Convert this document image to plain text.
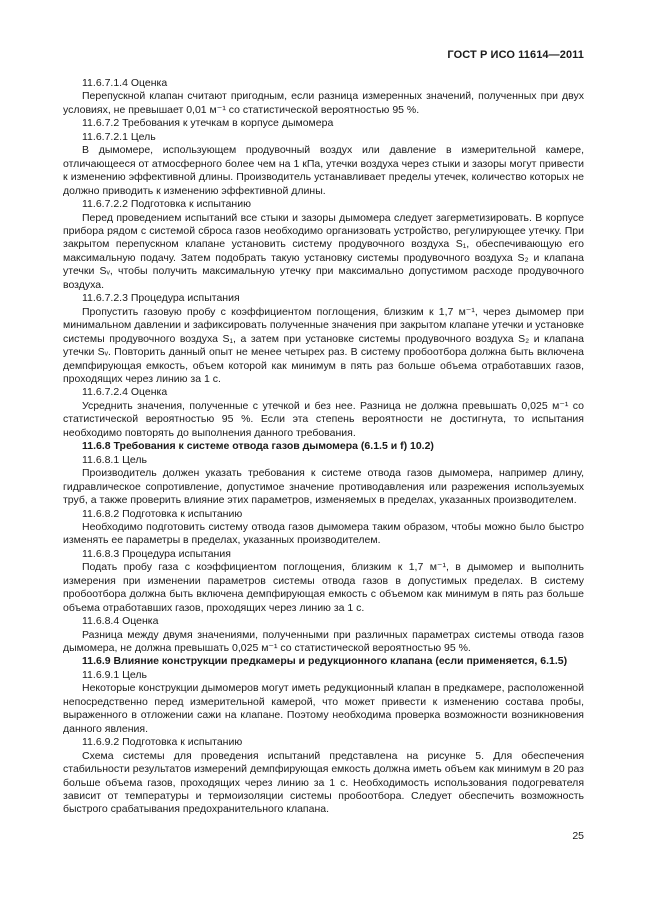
ГОСТ Р ИСО 11614—2011

11.6.7.1.4 Оценка

Перепускной клапан считают пригодным, если разница измеренных значений, полученных при двух условиях, не превышает 0,01 м⁻¹ со статистической вероятностью 95 %.

11.6.7.2 Требования к утечкам в корпусе дымомера

11.6.7.2.1 Цель

В дымомере, использующем продувочный воздух или давление в измерительной камере, отличающееся от атмосферного более чем на 1 кПа, утечки воздуха через стыки и зазоры могут привести к изменению эффективной длины. Производитель устанавливает пределы утечек, количество которых не должно приводить к изменению эффективной длины.

11.6.7.2.2 Подготовка к испытанию

Перед проведением испытаний все стыки и зазоры дымомера следует загерметизировать. В корпусе прибора рядом с системой сброса газов необходимо организовать устройство, регулирующее утечку. При закрытом перепускном клапане установить систему продувочного воздуха S₁, обеспечивающую его максимальную подачу. Затем подобрать такую установку системы продувочного воздуха S₂ и клапана утечки Sᵥ, чтобы получить максимальную утечку при максимально допустимом расходе продувочного воздуха.

11.6.7.2.3 Процедура испытания

Пропустить газовую пробу с коэффициентом поглощения, близким к 1,7 м⁻¹, через дымомер при минимальном давлении и зафиксировать полученные значения при закрытом клапане утечки и установке системы продувочного воздуха S₁, а затем при установке системы продувочного воздуха S₂ и клапана утечки Sᵥ. Повторить данный опыт не менее четырех раз. В систему пробоотбора должна быть включена демпфирующая емкость, объем которой как минимум в пять раз больше объема отработавших газов, проходящих через линию за 1 с.

11.6.7.2.4 Оценка

Усреднить значения, полученные с утечкой и без нее. Разница не должна превышать 0,025 м⁻¹ со статистической вероятностью 95 %. Если эта степень вероятности не достигнута, то испытания необходимо повторять до выполнения данного требования.

11.6.8 Требования к системе отвода газов дымомера (6.1.5 и f) 10.2)

11.6.8.1 Цель

Производитель должен указать требования к системе отвода газов дымомера, например длину, гидравлическое сопротивление, допустимое значение противодавления или разрежения используемых труб, а также проверить влияние этих параметров, изменяемых в пределах, указанных производителем.

11.6.8.2 Подготовка к испытанию

Необходимо подготовить систему отвода газов дымомера таким образом, чтобы можно было быстро изменять ее параметры в пределах, указанных производителем.

11.6.8.3 Процедура испытания

Подать пробу газа с коэффициентом поглощения, близким к 1,7 м⁻¹, в дымомер и выполнить измерения при изменении параметров системы отвода газов в допустимых пределах. В систему пробоотбора должна быть включена демпфирующая емкость с объемом как минимум в пять раз больше объема отработавших газов, проходящих через линию за 1 с.

11.6.8.4 Оценка

Разница между двумя значениями, полученными при различных параметрах системы отвода газов дымомера, не должна превышать 0,025 м⁻¹ со статистической вероятностью 95 %.

11.6.9 Влияние конструкции предкамеры и редукционного клапана (если применяется, 6.1.5)

11.6.9.1 Цель

Некоторые конструкции дымомеров могут иметь редукционный клапан в предкамере, расположенной непосредственно перед измерительной камерой, что может привести к изменению состава пробы, выраженного в отложении сажи на клапане. Поэтому необходима проверка возможности возникновения данного явления.

11.6.9.2 Подготовка к испытанию

Схема системы для проведения испытаний представлена на рисунке 5. Для обеспечения стабильности результатов измерений демпфирующая емкость должна иметь объем как минимум в 20 раз больше объема газов, проходящих через линию за 1 с. Необходимость использования подогревателя зависит от температуры и термоизоляции системы пробоотбора. Следует обеспечить возможность быстрого срабатывания предохранительного клапана.

25
